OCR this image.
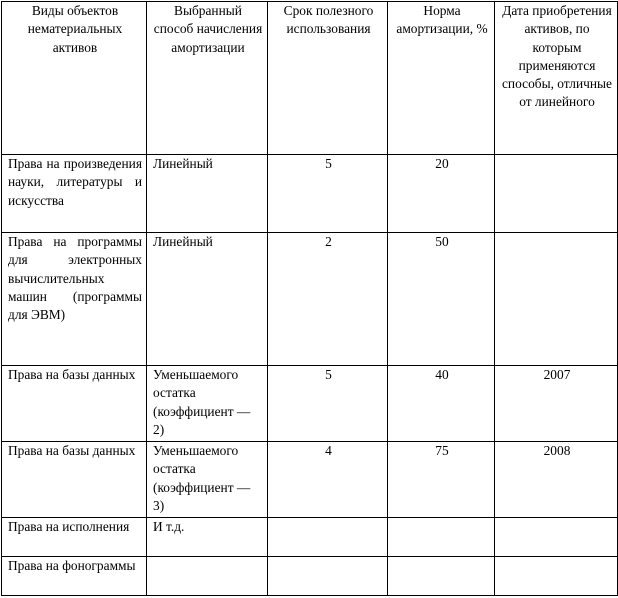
Виды объектов нематериальных активов	Выбранный способ начисления амортизации	Срок полезного использования	Норма амортизации, %	Дата приобретения активов, по которым применяются способы, отличные от линейного
Права на произведения науки, литературы и искусства	Линейный	5	20	
Права на программы для электронных вычислительных машин (программы для ЭВМ)	Линейный	2	50	
Права на базы данных	Уменьшаемого остатка (коэффициент — 2)	5	40	2007
Права на базы данных	Уменьшаемого остатка (коэффициент — 3)	4	75	2008
Права на исполнения	И т.д.			
Права на фонограммы				
